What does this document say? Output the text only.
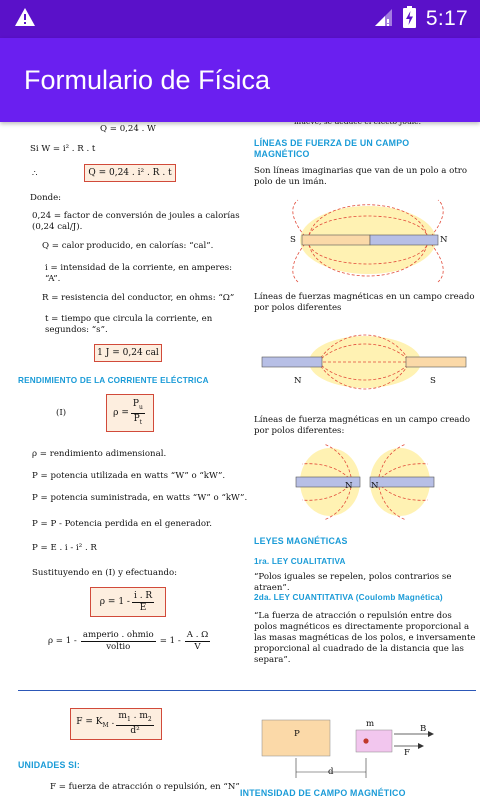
5:17
Formulario de Física
Q = 0,24 . W
Si W = i² . R . t
∴	Q = 0,24 . i² . R . t
Donde:
0,24 = factor de conversión de joules a calorías (0,24 cal/J).
Q = calor producido, en calorías: “cal”.
i = intensidad de la corriente, en amperes: “A”.
R = resistencia del conductor, en ohms: “Ω”
t = tiempo que circula la corriente, en segundos: “s”.
1 J = 0,24 cal
RENDIMIENTO DE LA CORRIENTE ELÉCTRICA
(I)	$\rho = \frac{P_u}{P_t}$
ρ = rendimiento adimensional.
P = potencia utilizada en watts “W” o “kW”.
P = potencia suministrada, en watts “W” o “kW”.
P = P - Potencia perdida en el generador.
P = E . i - i² . R
Sustituyendo en (I) y efectuando:
$\rho = 1 - \frac{i . R}{E}$
$\rho = 1 - \frac{\text{amperio . ohmio}}{\text{voltio}} = 1 - \frac{A . \Omega}{V}$
$F = K_M$ . $\frac{m_1 . m_2}{\text{d²}}$
UNIDADES SI:
F = fuerza de atracción o repulsión, en “N”
LÍNEAS DE FUERZA DE UN CAMPO MAGNÉTICO
Son líneas imaginarias que van de un polo a otro polo de un imán.
S	N
Líneas de fuerzas magnéticas en un campo creado por polos diferentes
N	S
Líneas de fuerza magnéticas en un campo creado por polos diferentes:
N N
LEYES MAGNÉTICAS
1ra. LEY CUALITATIVA
“Polos iguales se repelen, polos contrarios se atraen”.
2da. LEY CUANTITATIVA (Coulomb Magnética)
“La fuerza de atracción o repulsión entre dos polos magnéticos es directamente proporcional a las masas magnéticas de los polos, e inversamente proporcional al cuadrado de la distancia que las separa”.
P
m	B
F
d
INTENSIDAD DE CAMPO MAGNÉTICO
